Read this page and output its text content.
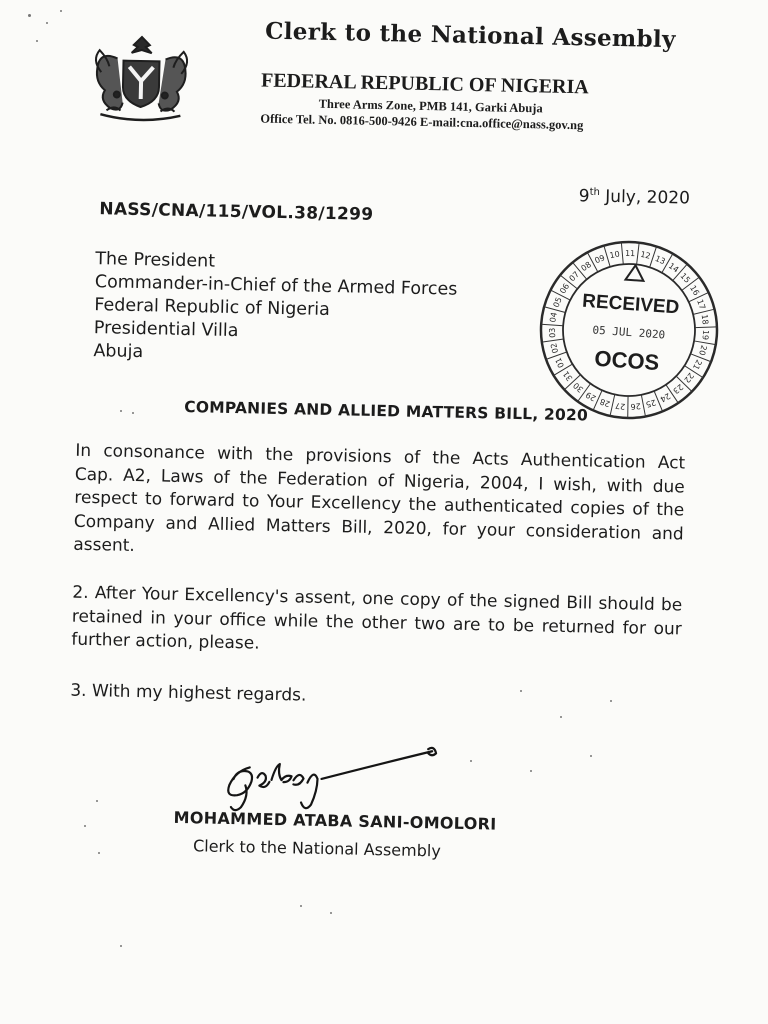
Clerk to the National Assembly
FEDERAL REPUBLIC OF NIGERIA
Three Arms Zone, PMB 141, Garki Abuja
Office Tel. No. 0816-500-9426 E-mail:cna.office@nass.gov.ng
9th July, 2020
NASS/CNA/115/VOL.38/1299
The President
Commander-in-Chief of the Armed Forces
Federal Republic of Nigeria
Presidential Villa
Abuja
COMPANIES AND ALLIED MATTERS BILL, 2020
In consonance with the provisions of the Acts Authentication Act Cap. A2, Laws of the Federation of Nigeria, 2004, I wish, with due respect to forward to Your Excellency the authenticated copies of the Company and Allied Matters Bill, 2020, for your consideration and assent.
2. After Your Excellency's assent, one copy of the signed Bill should be retained in your office while the other two are to be returned for our further action, please.
3. With my highest regards.
MOHAMMED ATABA SANI-OMOLORI
Clerk to the National Assembly
13
14
15
16
17
18
19
20
21
22
23
24
25
26
27
28
29
30
31
01
02
03
04
05
06
07
08
09 10 11 12
RECEIVED
05 JUL 2020
OCOS
